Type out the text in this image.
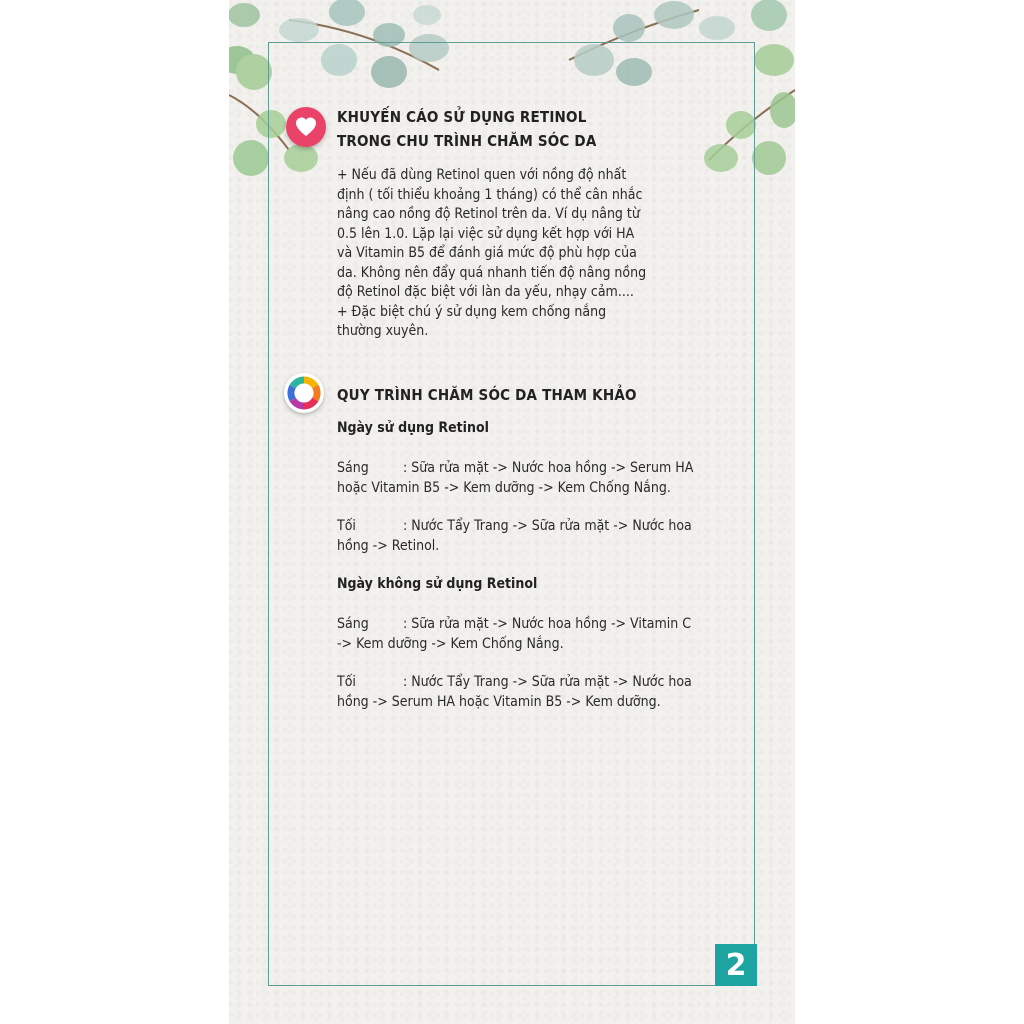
KHUYẾN CÁO SỬ DỤNG RETINOL
TRONG CHU TRÌNH CHĂM SÓC DA

+ Nếu đã dùng Retinol quen với nồng độ nhất
định ( tối thiểu khoảng 1 tháng) có thể cân nhắc
nâng cao nồng độ Retinol trên da. Ví dụ nâng từ
0.5 lên 1.0. Lặp lại việc sử dụng kết hợp với HA
và Vitamin B5 để đánh giá mức độ phù hợp của
da. Không nên đẩy quá nhanh tiến độ nâng nồng
độ Retinol đặc biệt với làn da yếu, nhạy cảm....
+ Đặc biệt chú ý sử dụng kem chống nắng
thường xuyên.

QUY TRÌNH CHĂM SÓC DA THAM KHẢO

Ngày sử dụng Retinol

Sáng : Sữa rửa mặt -> Nước hoa hồng -> Serum HA
hoặc Vitamin B5 -> Kem dưỡng -> Kem Chống Nắng.
Tối	: Nước Tẩy Trang -> Sữa rửa mặt -> Nước hoa
hồng -> Retinol.

Ngày không sử dụng Retinol

Sáng : Sữa rửa mặt -> Nước hoa hồng -> Vitamin C
-> Kem dưỡng -> Kem Chống Nắng.
Tối	: Nước Tẩy Trang -> Sữa rửa mặt -> Nước hoa
hồng -> Serum HA hoặc Vitamin B5 -> Kem dưỡng.
2
